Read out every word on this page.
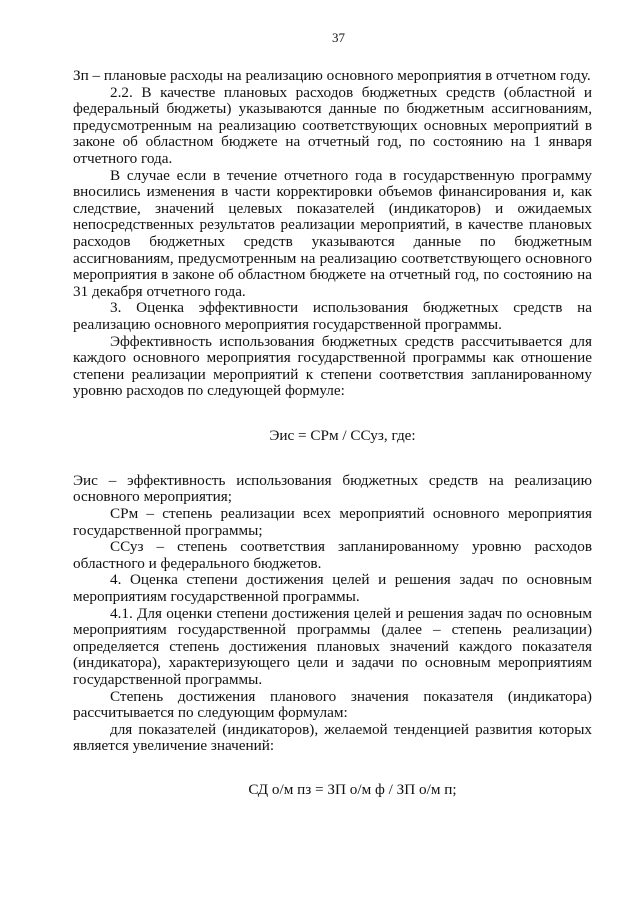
37

Зп – плановые расходы на реализацию основного мероприятия в отчетном году.

2.2. В качестве плановых расходов бюджетных средств (областной и федеральный бюджеты) указываются данные по бюджетным ассигнованиям, предусмотренным на реализацию соответствующих основных мероприятий в законе об областном бюджете на отчетный год, по состоянию на 1 января отчетного года.

В случае если в течение отчетного года в государственную программу вносились изменения в части корректировки объемов финансирования и, как следствие, значений целевых показателей (индикаторов) и ожидаемых непосредственных результатов реализации мероприятий, в качестве плановых расходов бюджетных средств указываются данные по бюджетным ассигнованиям, предусмотренным на реализацию соответствующего основного мероприятия в законе об областном бюджете на отчетный год, по состоянию на 31 декабря отчетного года.

3. Оценка эффективности использования бюджетных средств на реализацию основного мероприятия государственной программы.

Эффективность использования бюджетных средств рассчитывается для каждого основного мероприятия государственной программы как отношение степени реализации мероприятий к степени соответствия запланированному уровню расходов по следующей формуле:

Эис = СРм / ССуз, где:

Эис – эффективность использования бюджетных средств на реализацию основного мероприятия;

СРм – степень реализации всех мероприятий основного мероприятия государственной программы;

ССуз – степень соответствия запланированному уровню расходов областного и федерального бюджетов.

4. Оценка степени достижения целей и решения задач по основным мероприятиям государственной программы.

4.1. Для оценки степени достижения целей и решения задач по основным мероприятиям государственной программы (далее – степень реализации) определяется степень достижения плановых значений каждого показателя (индикатора), характеризующего цели и задачи по основным мероприятиям государственной программы.

Степень достижения планового значения показателя (индикатора) рассчитывается по следующим формулам:

для показателей (индикаторов), желаемой тенденцией развития которых является увеличение значений:

СД о/м пз = ЗП о/м ф / ЗП о/м п;
